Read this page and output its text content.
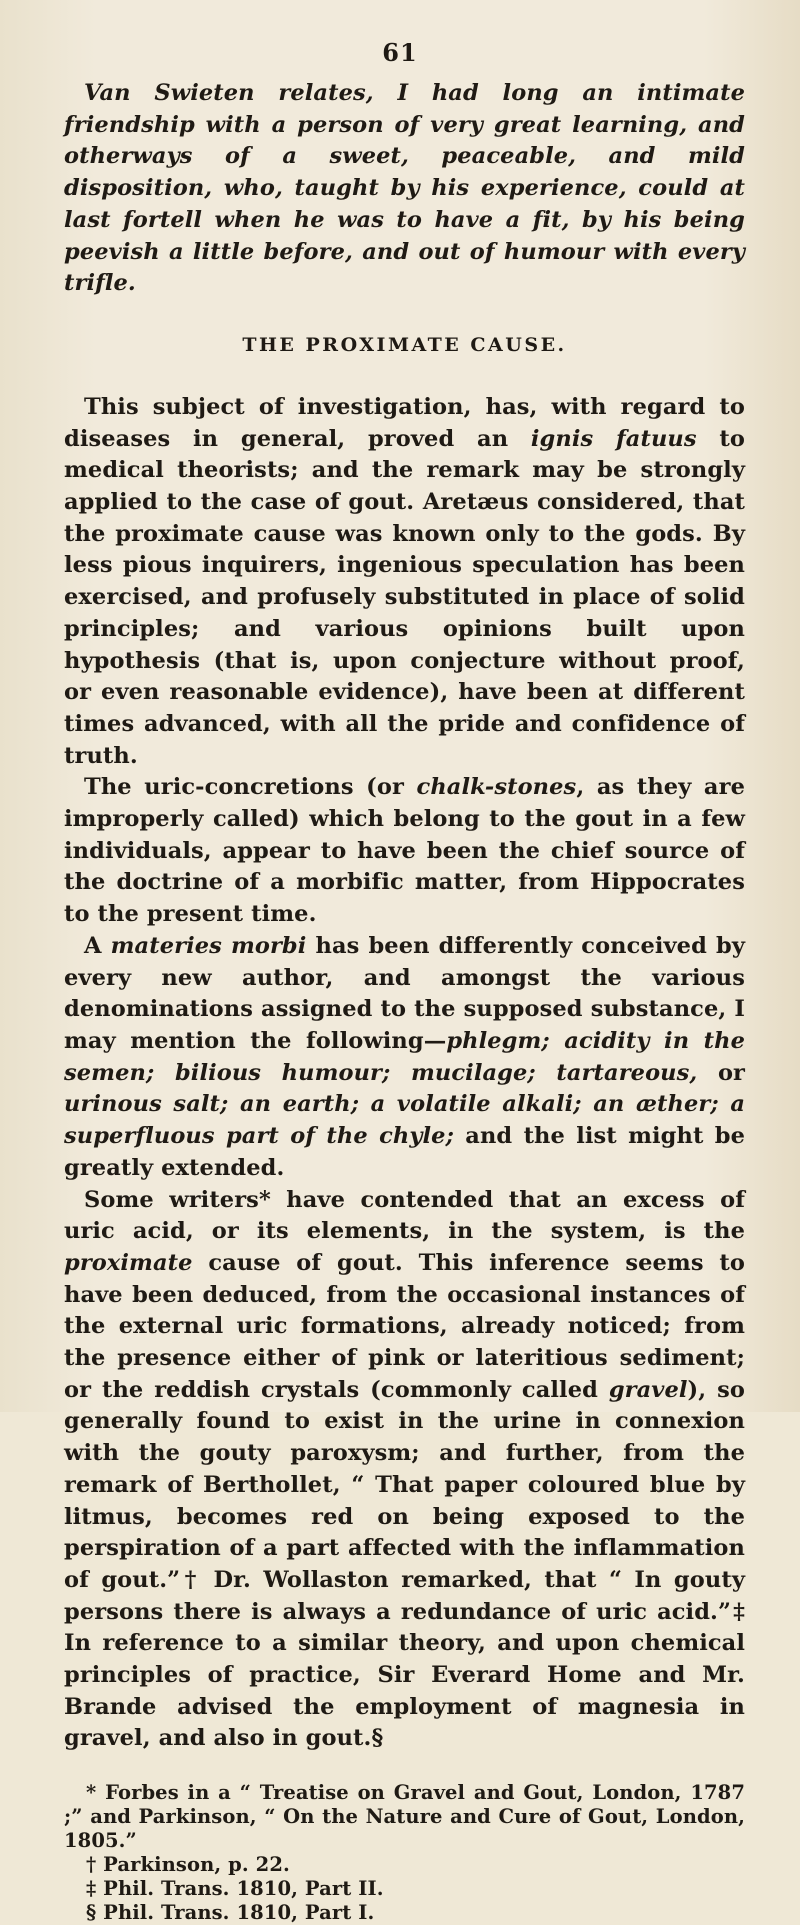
61

Van Swieten relates, I had long an intimate friendship with a person of very great learning, and otherways of a sweet, peaceable, and mild disposition, who, taught by his experience, could at last fortell when he was to have a fit, by his being peevish a little before, and out of humour with every trifle.

THE PROXIMATE CAUSE.

This subject of investigation, has, with regard to diseases in general, proved an ignis fatuus to medical theorists; and the remark may be strongly applied to the case of gout. Aretæus considered, that the proximate cause was known only to the gods. By less pious inquirers, ingenious speculation has been exercised, and profusely substituted in place of solid principles; and various opinions built upon hypothesis (that is, upon conjecture without proof, or even reasonable evidence), have been at different times advanced, with all the pride and confidence of truth.

The uric-concretions (or chalk-stones, as they are improperly called) which belong to the gout in a few individuals, appear to have been the chief source of the doctrine of a morbific matter, from Hippocrates to the present time.

A materies morbi has been differently conceived by every new author, and amongst the various denominations assigned to the supposed substance, I may mention the following—phlegm; acidity in the semen; bilious humour; mucilage; tartareous, or urinous salt; an earth; a volatile alkali; an æther; a superfluous part of the chyle; and the list might be greatly extended.

Some writers* have contended that an excess of uric acid, or its elements, in the system, is the proximate cause of gout. This inference seems to have been deduced, from the occasional instances of the external uric formations, already noticed; from the presence either of pink or lateritious sediment; or the reddish crystals (commonly called gravel), so generally found to exist in the urine in connexion with the gouty paroxysm; and further, from the remark of Berthollet, “ That paper coloured blue by litmus, becomes red on being exposed to the perspiration of a part affected with the inflammation of gout.”† Dr. Wollaston remarked, that “ In gouty persons there is always a redundance of uric acid.”‡ In reference to a similar theory, and upon chemical principles of practice, Sir Everard Home and Mr. Brande advised the employment of magnesia in gravel, and also in gout.§

* Forbes in a “ Treatise on Gravel and Gout, London, 1787 ;” and Parkinson, “ On the Nature and Cure of Gout, London, 1805.”

† Parkinson, p. 22.

‡ Phil. Trans. 1810, Part II.

§ Phil. Trans. 1810, Part I.
